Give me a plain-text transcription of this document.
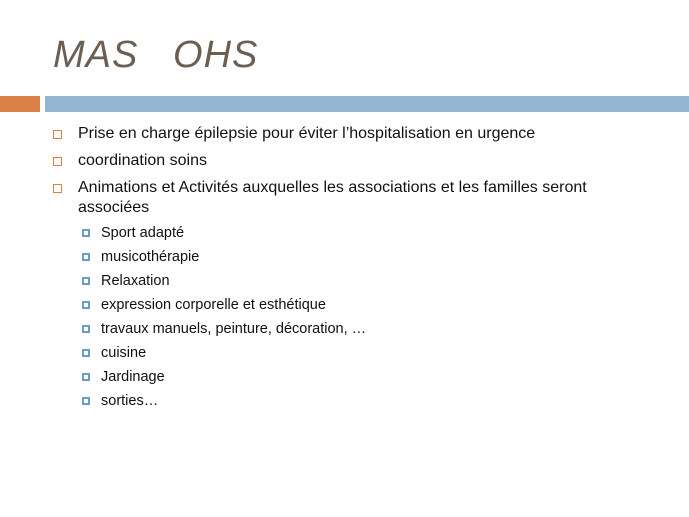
MAS   OHS
Prise en charge épilepsie pour éviter l’hospitalisation en urgence
coordination soins
Animations et Activités auxquelles les associations et les familles seront associées
Sport adapté
musicothérapie
Relaxation
expression corporelle et esthétique
travaux manuels, peinture, décoration, …
cuisine
Jardinage
sorties…
